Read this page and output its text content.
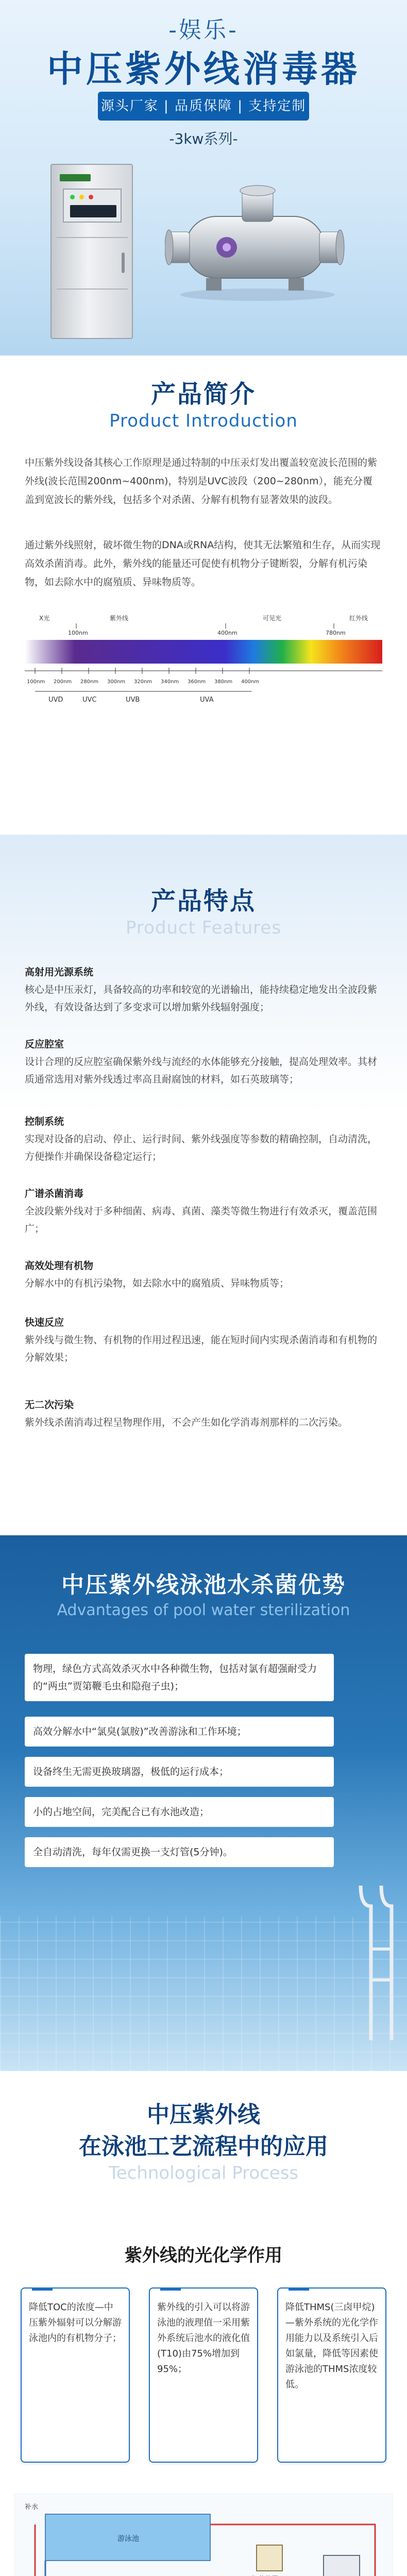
-娱乐-
中压紫外线消毒器
源头厂家 | 品质保障 | 支持定制
-3kw系列-
产品简介
Product Introduction

中压紫外线设备其核心工作原理是通过特制的中压汞灯发出覆盖较宽波长范围的紫外线(波长范围200nm~400nm)，特别是UVC波段（200~280nm），能充分覆盖到宽波长的紫外线，包括多个对杀菌、分解有机物有显著效果的波段。

通过紫外线照射，破坏微生物的DNA或RNA结构，使其无法繁殖和生存，从而实现高效杀菌消毒。此外，紫外线的能量还可促使有机物分子键断裂，分解有机污染物，如去除水中的腐殖质、异味物质等。

X光	紫外线	可见光	红外线
100nm	400nm	780nm
100nm 200nm 280nm 300nm 320nm 340nm 360nm 380nm 400nm
UVD	UVC	UVB	UVA
产品特点
Product Features
高射用光源系统
核心是中压汞灯，具备较高的功率和较宽的光谱输出，能持续稳定地发出全波段紫外线，有效设备达到了多变求可以增加紫外线辐射强度；
反应腔室
设计合理的反应腔室确保紫外线与流经的水体能够充分接触，提高处理效率。其材质通常选用对紫外线透过率高且耐腐蚀的材料，如石英玻璃等；
控制系统
实现对设备的启动、停止、运行时间、紫外线强度等参数的精确控制，自动清洗，方便操作并确保设备稳定运行；
广谱杀菌消毒
全波段紫外线对于多种细菌、病毒、真菌、藻类等微生物进行有效杀灭，覆盖范围广；
高效处理有机物
分解水中的有机污染物，如去除水中的腐殖质、异味物质等；
快速反应
紫外线与微生物、有机物的作用过程迅速，能在短时间内实现杀菌消毒和有机物的分解效果；
无二次污染
紫外线杀菌消毒过程呈物理作用，不会产生如化学消毒剂那样的二次污染。
中压紫外线泳池水杀菌优势
Advantages of pool water sterilization
物理，绿色方式高效杀灭水中各种微生物，包括对氯有超强耐受力的“两虫”贾第鞭毛虫和隐孢子虫)；
高效分解水中“氯臭(氯胺)”改善游泳和工作环境；
设备终生无需更换玻璃器，极低的运行成本；
小的占地空间，完美配合已有水池改造；
全自动清洗，每年仅需更换一支灯管(5分钟)。
中压紫外线
在泳池工艺流程中的应用
Technological Process
紫外线的光化学作用
降低TOC的浓度—中压紫外辐射可以分解游泳池内的有机物分子；
紫外线的引入可以将游泳池的液理值一采用紫外系统后池水的液化值(T10)由75%增加到95%；
降低THMS(三卤甲烷)—紫外系统的光化学作用能力以及系统引入后如氯量，降低等因素使游泳池的THMS浓度较低。
游泳池
补水
